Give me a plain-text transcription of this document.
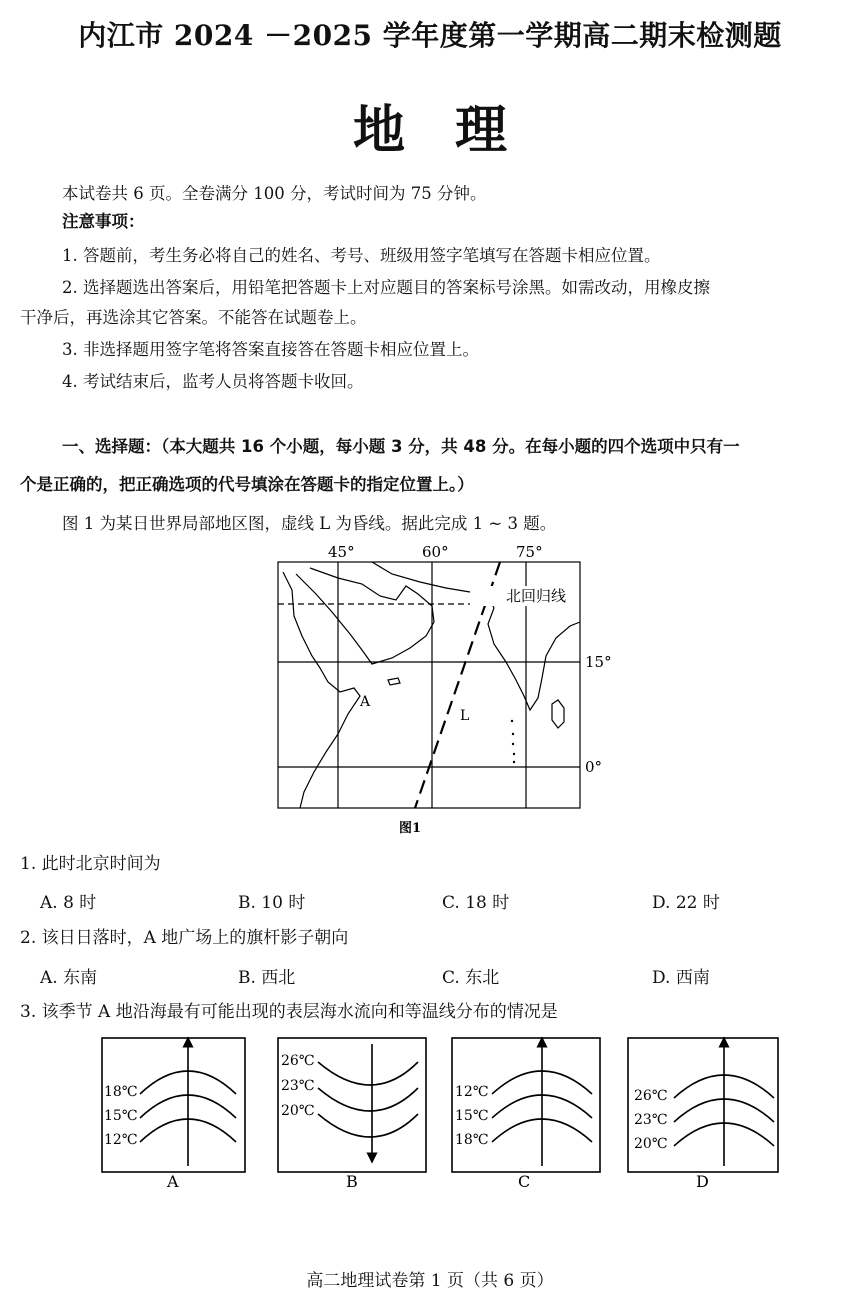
内江市 2024 －2025 学年度第一学期高二期末检测题
地理
本试卷共 6 页。全卷满分 100 分，考试时间为 75 分钟。
注意事项：
1. 答题前，考生务必将自己的姓名、考号、班级用签字笔填写在答题卡相应位置。
2. 选择题选出答案后，用铅笔把答题卡上对应题目的答案标号涂黑。如需改动，用橡皮擦
干净后，再选涂其它答案。不能答在试题卷上。
3. 非选择题用签字笔将答案直接答在答题卡相应位置上。
4. 考试结束后，监考人员将答题卡收回。
一、选择题：（本大题共 16 个小题，每小题 3 分，共 48 分。在每小题的四个选项中只有一
个是正确的，把正确选项的代号填涂在答题卡的指定位置上。）
图 1 为某日世界局部地区图，虚线 L 为昏线。据此完成 1 ~ 3 题。
45°	60°	75°
北回归线
15°
0°
A
L
图1
1. 此时北京时间为
A. 8 时	B. 10 时	C. 18 时	D. 22 时
2. 该日日落时，A 地广场上的旗杆影子朝向
A. 东南	B. 西北	C. 东北	D. 西南
3. 该季节 A 地沿海最有可能出现的表层海水流向和等温线分布的情况是
18℃
15℃
12℃
A
26℃
23℃
20℃
B
12℃
15℃
18℃
C
26℃
23℃
20℃
D
高二地理试卷第 1 页（共 6 页）
